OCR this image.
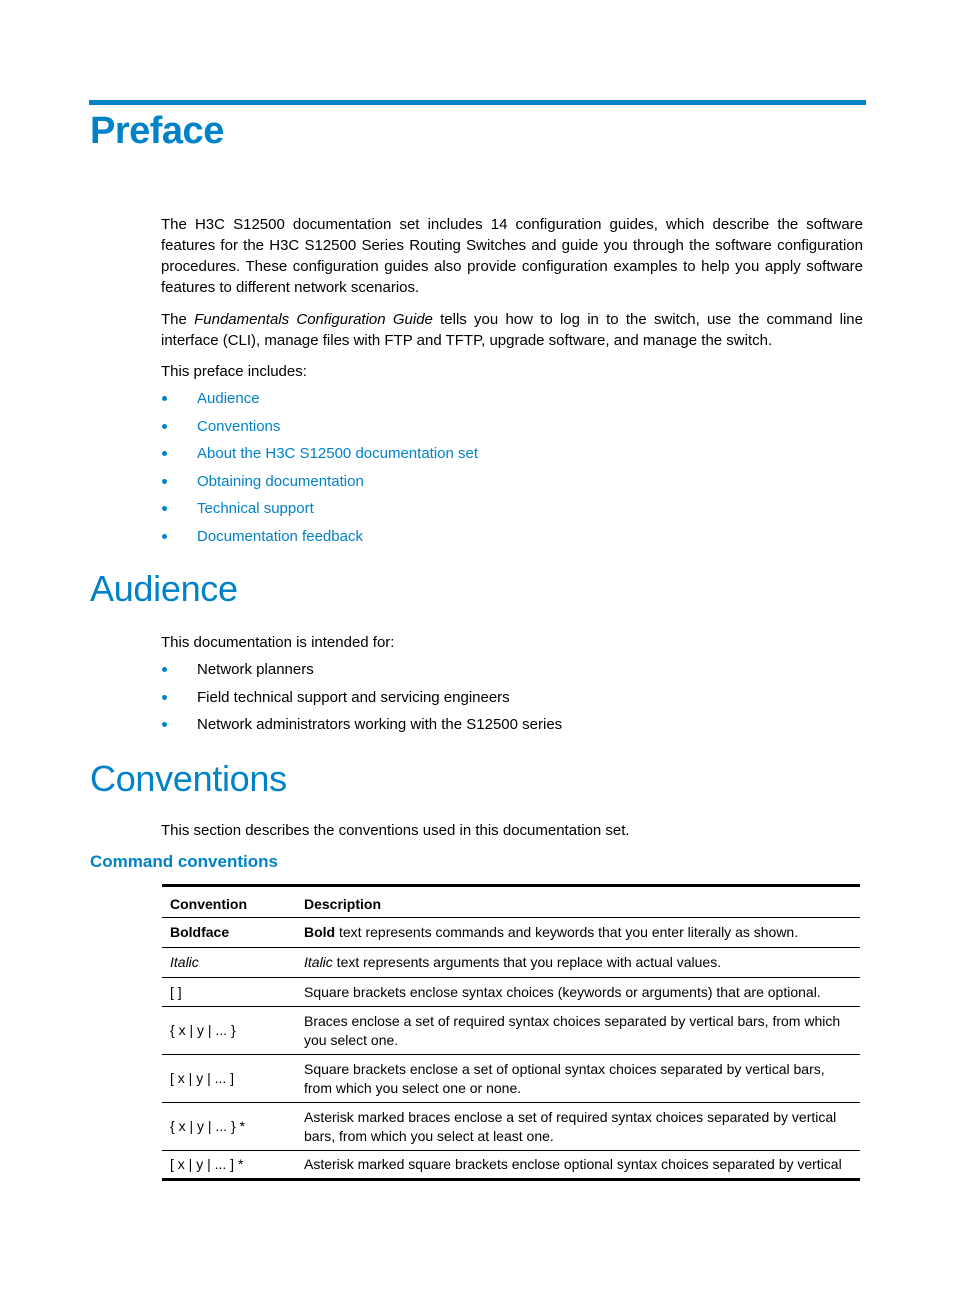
Preface

The H3C S12500 documentation set includes 14 configuration guides, which describe the software features for the H3C S12500 Series Routing Switches and guide you through the software configuration procedures. These configuration guides also provide configuration examples to help you apply software features to different network scenarios.

The Fundamentals Configuration Guide tells you how to log in to the switch, use the command line interface (CLI), manage files with FTP and TFTP, upgrade software, and manage the switch.

This preface includes:

Audience
Conventions
About the H3C S12500 documentation set
Obtaining documentation
Technical support
Documentation feedback
Audience

This documentation is intended for:

Network planners
Field technical support and servicing engineers
Network administrators working with the S12500 series
Conventions

This section describes the conventions used in this documentation set.

Command conventions
Convention	Description
Boldface	Bold text represents commands and keywords that you enter literally as shown.
Italic	Italic text represents arguments that you replace with actual values.
[ ]	Square brackets enclose syntax choices (keywords or arguments) that are optional.
{ x | y | ... }	Braces enclose a set of required syntax choices separated by vertical bars, from which you select one.
[ x | y | ... ]	Square brackets enclose a set of optional syntax choices separated by vertical bars, from which you select one or none.
{ x | y | ... } *	Asterisk marked braces enclose a set of required syntax choices separated by vertical bars, from which you select at least one.
[ x | y | ... ] *	Asterisk marked square brackets enclose optional syntax choices separated by vertical
